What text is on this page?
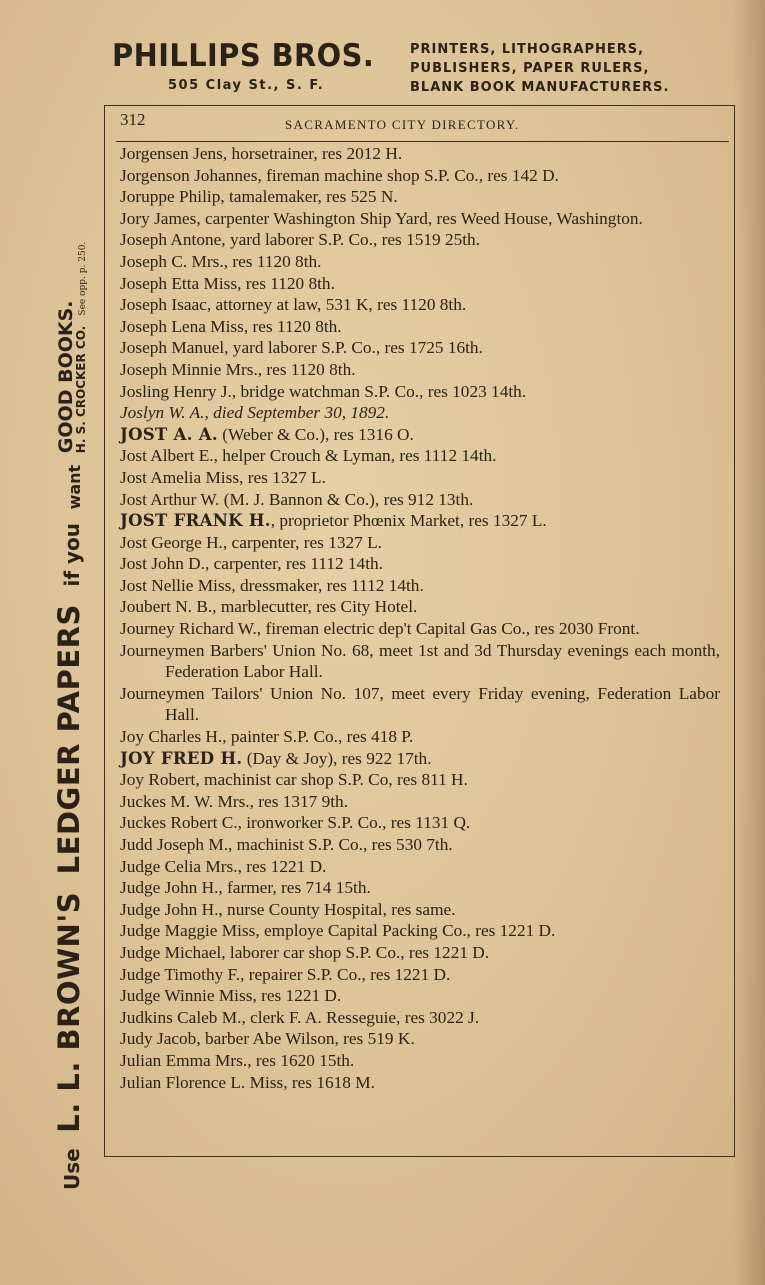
PHILLIPS BROS.
505 Clay St., S. F.
PRINTERS, LITHOGRAPHERS,
PUBLISHERS, PAPER RULERS,
BLANK BOOK MANUFACTURERS.
Use L. L. BROWN'S LEDGER PAPERS if you
want

GOOD BOOKS.
H. S. CROCKER CO. See opp. p. 250.
312	SACRAMENTO CITY DIRECTORY.
Jorgensen Jens, horsetrainer, res 2012 H.
Jorgenson Johannes, fireman machine shop S.P. Co., res 142 D.
Joruppe Philip, tamalemaker, res 525 N.
Jory James, carpenter Washington Ship Yard, res Weed House, Washington.
Joseph Antone, yard laborer S.P. Co., res 1519 25th.
Joseph C. Mrs., res 1120 8th.
Joseph Etta Miss, res 1120 8th.
Joseph Isaac, attorney at law, 531 K, res 1120 8th.
Joseph Lena Miss, res 1120 8th.
Joseph Manuel, yard laborer S.P. Co., res 1725 16th.
Joseph Minnie Mrs., res 1120 8th.
Josling Henry J., bridge watchman S.P. Co., res 1023 14th.
Joslyn W. A., died September 30, 1892.
JOST A. A. (Weber & Co.), res 1316 O.
Jost Albert E., helper Crouch & Lyman, res 1112 14th.
Jost Amelia Miss, res 1327 L.
Jost Arthur W. (M. J. Bannon & Co.), res 912 13th.
JOST FRANK H., proprietor Phœnix Market, res 1327 L.
Jost George H., carpenter, res 1327 L.
Jost John D., carpenter, res 1112 14th.
Jost Nellie Miss, dressmaker, res 1112 14th.
Joubert N. B., marblecutter, res City Hotel.
Journey Richard W., fireman electric dep't Capital Gas Co., res 2030 Front.
Journeymen Barbers' Union No. 68, meet 1st and 3d Thursday evenings each month, Federation Labor Hall.
Journeymen Tailors' Union No. 107, meet every Friday evening, Federation Labor Hall.
Joy Charles H., painter S.P. Co., res 418 P.
JOY FRED H. (Day & Joy), res 922 17th.
Joy Robert, machinist car shop S.P. Co, res 811 H.
Juckes M. W. Mrs., res 1317 9th.
Juckes Robert C., ironworker S.P. Co., res 1131 Q.
Judd Joseph M., machinist S.P. Co., res 530 7th.
Judge Celia Mrs., res 1221 D.
Judge John H., farmer, res 714 15th.
Judge John H., nurse County Hospital, res same.
Judge Maggie Miss, employe Capital Packing Co., res 1221 D.
Judge Michael, laborer car shop S.P. Co., res 1221 D.
Judge Timothy F., repairer S.P. Co., res 1221 D.
Judge Winnie Miss, res 1221 D.
Judkins Caleb M., clerk F. A. Resseguie, res 3022 J.
Judy Jacob, barber Abe Wilson, res 519 K.
Julian Emma Mrs., res 1620 15th.
Julian Florence L. Miss, res 1618 M.
